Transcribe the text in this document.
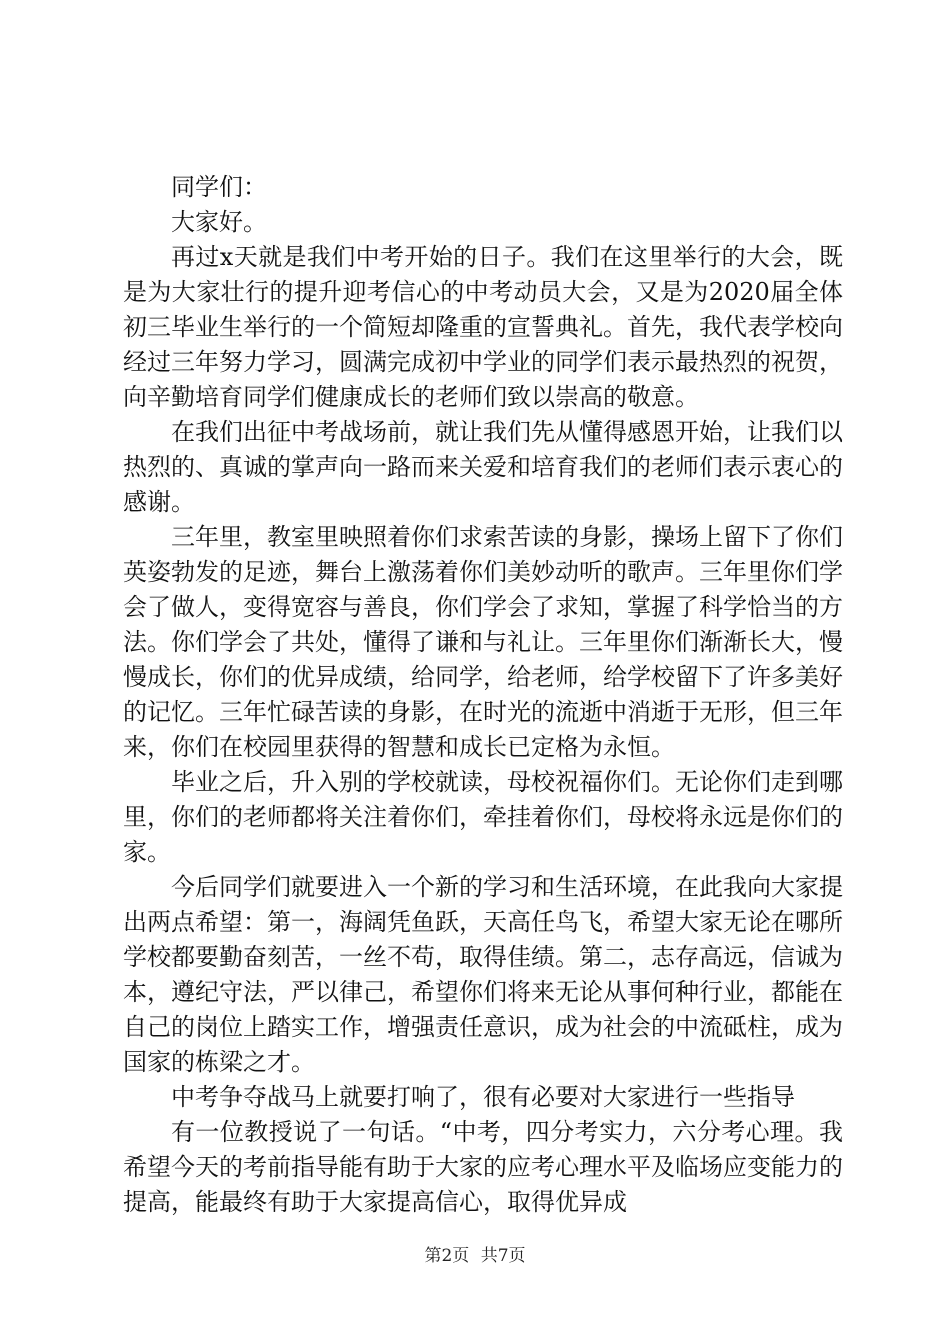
同学们：

大家好。

再过x天就是我们中考开始的日子。我们在这里举行的大会，既是为大家壮行的提升迎考信心的中考动员大会，又是为2020届全体初三毕业生举行的一个简短却隆重的宣誓典礼。首先，我代表学校向经过三年努力学习，圆满完成初中学业的同学们表示最热烈的祝贺，向辛勤培育同学们健康成长的老师们致以崇高的敬意。

在我们出征中考战场前，就让我们先从懂得感恩开始，让我们以热烈的、真诚的掌声向一路而来关爱和培育我们的老师们表示衷心的感谢。

三年里，教室里映照着你们求索苦读的身影，操场上留下了你们英姿勃发的足迹，舞台上激荡着你们美妙动听的歌声。三年里你们学会了做人，变得宽容与善良，你们学会了求知，掌握了科学恰当的方法。你们学会了共处，懂得了谦和与礼让。三年里你们渐渐长大，慢慢成长，你们的优异成绩，给同学，给老师，给学校留下了许多美好的记忆。三年忙碌苦读的身影，在时光的流逝中消逝于无形，但三年来，你们在校园里获得的智慧和成长已定格为永恒。

毕业之后，升入别的学校就读，母校祝福你们。无论你们走到哪里，你们的老师都将关注着你们，牵挂着你们，母校将永远是你们的家。

今后同学们就要进入一个新的学习和生活环境，在此我向大家提出两点希望：第一，海阔凭鱼跃，天高任鸟飞，希望大家无论在哪所学校都要勤奋刻苦，一丝不苟，取得佳绩。第二，志存高远，信诚为本，遵纪守法，严以律己，希望你们将来无论从事何种行业，都能在自己的岗位上踏实工作，增强责任意识，成为社会的中流砥柱，成为国家的栋梁之才。

中考争夺战马上就要打响了，很有必要对大家进行一些指导

有一位教授说了一句话。“中考，四分考实力，六分考心理。我希望今天的考前指导能有助于大家的应考心理水平及临场应变能力的提高，能最终有助于大家提高信心，取得优异成

第2页 共7页
